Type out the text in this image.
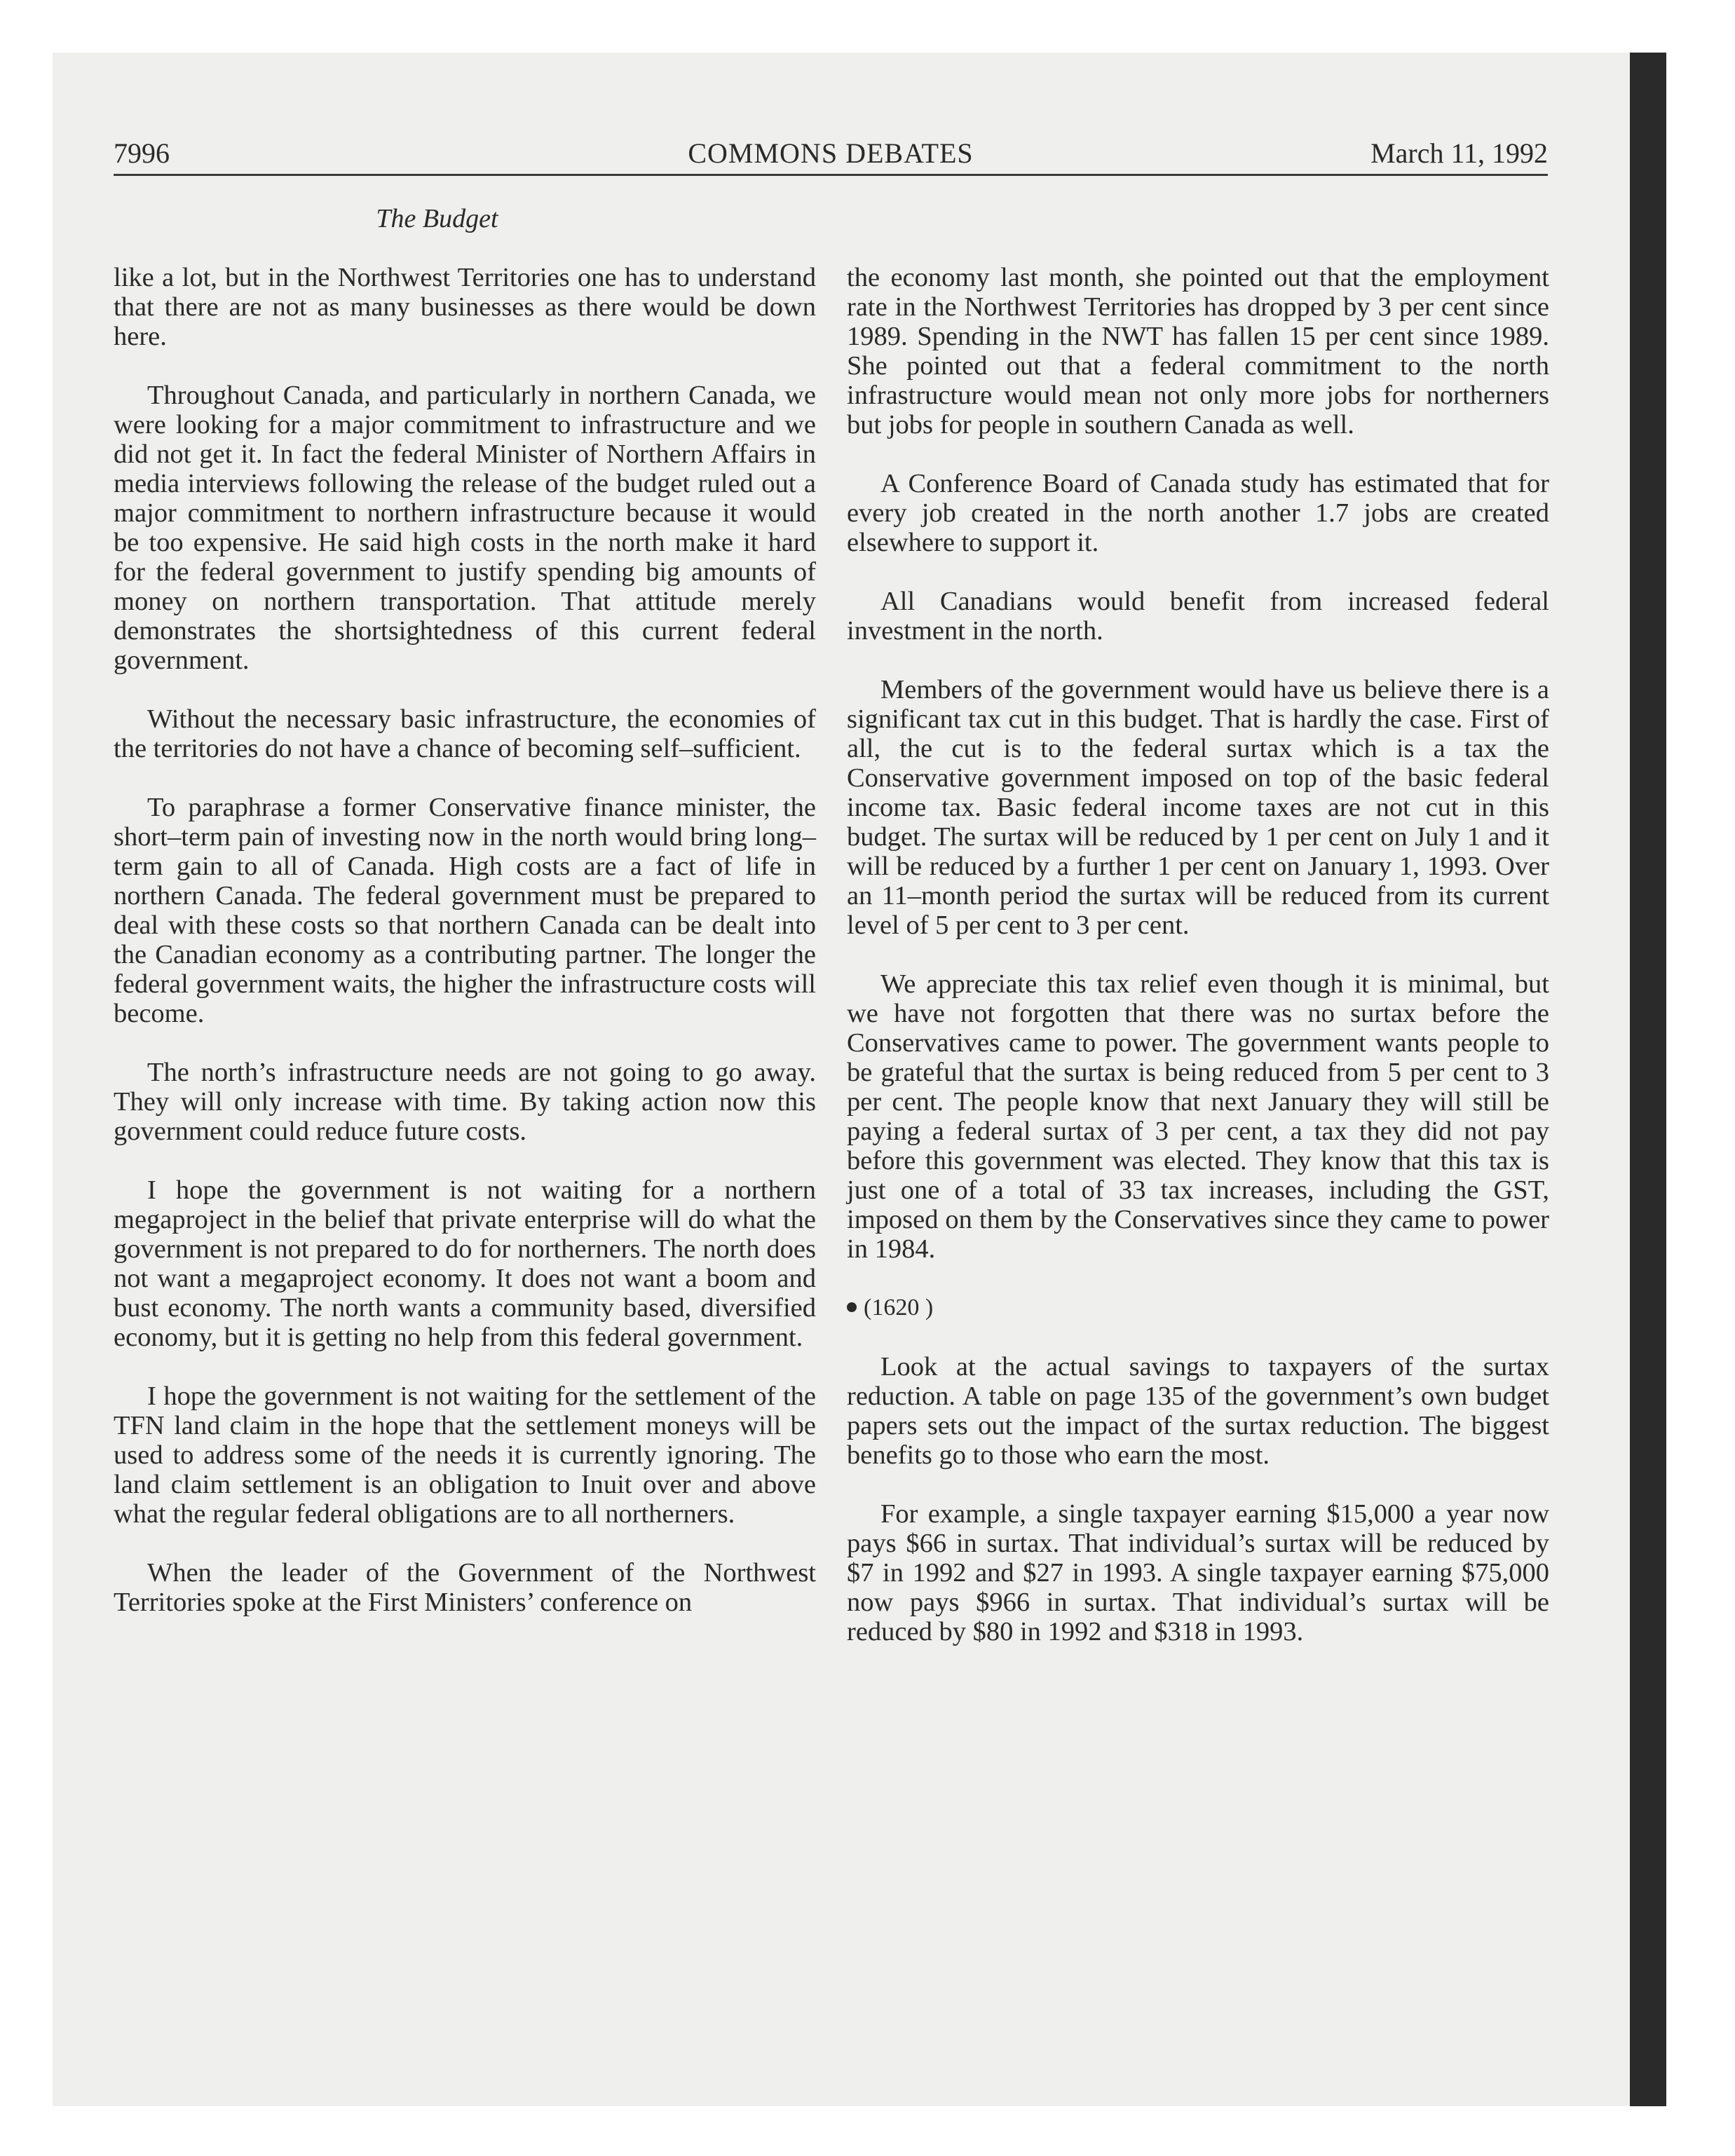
7996	COMMONS DEBATES	March 11, 1992
The Budget

like a lot, but in the Northwest Territories one has to understand that there are not as many businesses as there would be down here.

Throughout Canada, and particularly in northern Canada, we were looking for a major commitment to infrastructure and we did not get it. In fact the federal Minister of Northern Affairs in media interviews following the release of the budget ruled out a major commitment to northern infrastructure because it would be too expensive. He said high costs in the north make it hard for the federal government to justify spending big amounts of money on northern transportation. That attitude merely demonstrates the shortsightedness of this current federal government.

Without the necessary basic infrastructure, the economies of the territories do not have a chance of becoming self–sufficient.

To paraphrase a former Conservative finance minister, the short–term pain of investing now in the north would bring long–term gain to all of Canada. High costs are a fact of life in northern Canada. The federal government must be prepared to deal with these costs so that northern Canada can be dealt into the Canadian economy as a contributing partner. The longer the federal government waits, the higher the infrastructure costs will become.

The north’s infrastructure needs are not going to go away. They will only increase with time. By taking action now this government could reduce future costs.

I hope the government is not waiting for a northern megaproject in the belief that private enterprise will do what the government is not prepared to do for northerners. The north does not want a megaproject economy. It does not want a boom and bust economy. The north wants a community based, diversified economy, but it is getting no help from this federal government.

I hope the government is not waiting for the settlement of the TFN land claim in the hope that the settlement moneys will be used to address some of the needs it is currently ignoring. The land claim settlement is an obligation to Inuit over and above what the regular federal obligations are to all northerners.

When the leader of the Government of the Northwest Territories spoke at the First Ministers’ conference on

the economy last month, she pointed out that the employment rate in the Northwest Territories has dropped by 3 per cent since 1989. Spending in the NWT has fallen 15 per cent since 1989. She pointed out that a federal commitment to the north infrastructure would mean not only more jobs for northerners but jobs for people in southern Canada as well.

A Conference Board of Canada study has estimated that for every job created in the north another 1.7 jobs are created elsewhere to support it.

All Canadians would benefit from increased federal investment in the north.

Members of the government would have us believe there is a significant tax cut in this budget. That is hardly the case. First of all, the cut is to the federal surtax which is a tax the Conservative government imposed on top of the basic federal income tax. Basic federal income taxes are not cut in this budget. The surtax will be reduced by 1 per cent on July 1 and it will be reduced by a further 1 per cent on January 1, 1993. Over an 11–month period the surtax will be reduced from its current level of 5 per cent to 3 per cent.

We appreciate this tax relief even though it is minimal, but we have not forgotten that there was no surtax before the Conservatives came to power. The government wants people to be grateful that the surtax is being reduced from 5 per cent to 3 per cent. The people know that next January they will still be paying a federal surtax of 3 per cent, a tax they did not pay before this government was elected. They know that this tax is just one of a total of 33 tax increases, including the GST, imposed on them by the Conservatives since they came to power in 1984.

(1620 )

Look at the actual savings to taxpayers of the surtax reduction. A table on page 135 of the government’s own budget papers sets out the impact of the surtax reduction. The biggest benefits go to those who earn the most.

For example, a single taxpayer earning $15,000 a year now pays $66 in surtax. That individual’s surtax will be reduced by $7 in 1992 and $27 in 1993. A single taxpayer earning $75,000 now pays $966 in surtax. That individual’s surtax will be reduced by $80 in 1992 and $318 in 1993.
